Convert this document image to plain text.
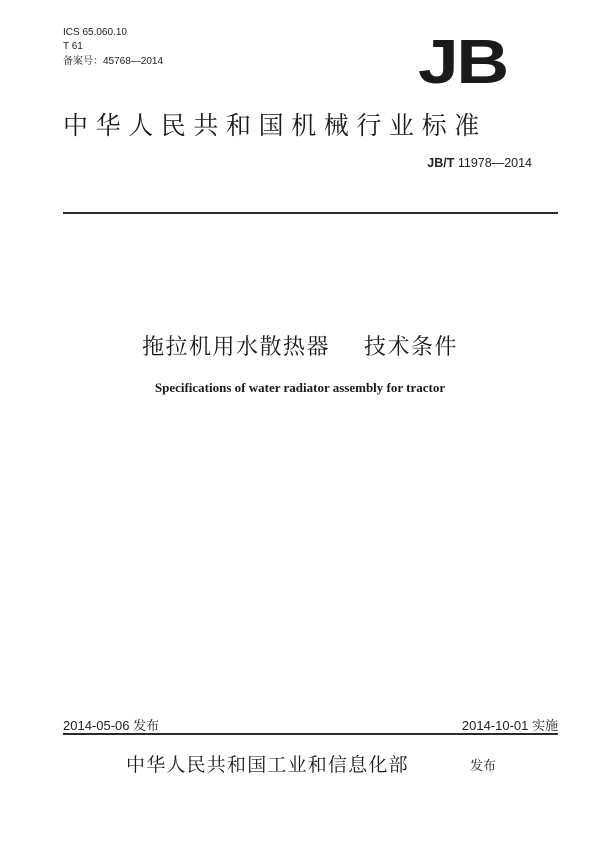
ICS 65.060.10
T 61
备案号：45768—2014	JB
中华人民共和国机械行业标准
JB/T 11978—2014
拖拉机用水散热器    技术条件
Specifications of water radiator assembly for tractor
2014-05-06 发布	2014-10-01 实施
中华人民共和国工业和信息化部	发布
